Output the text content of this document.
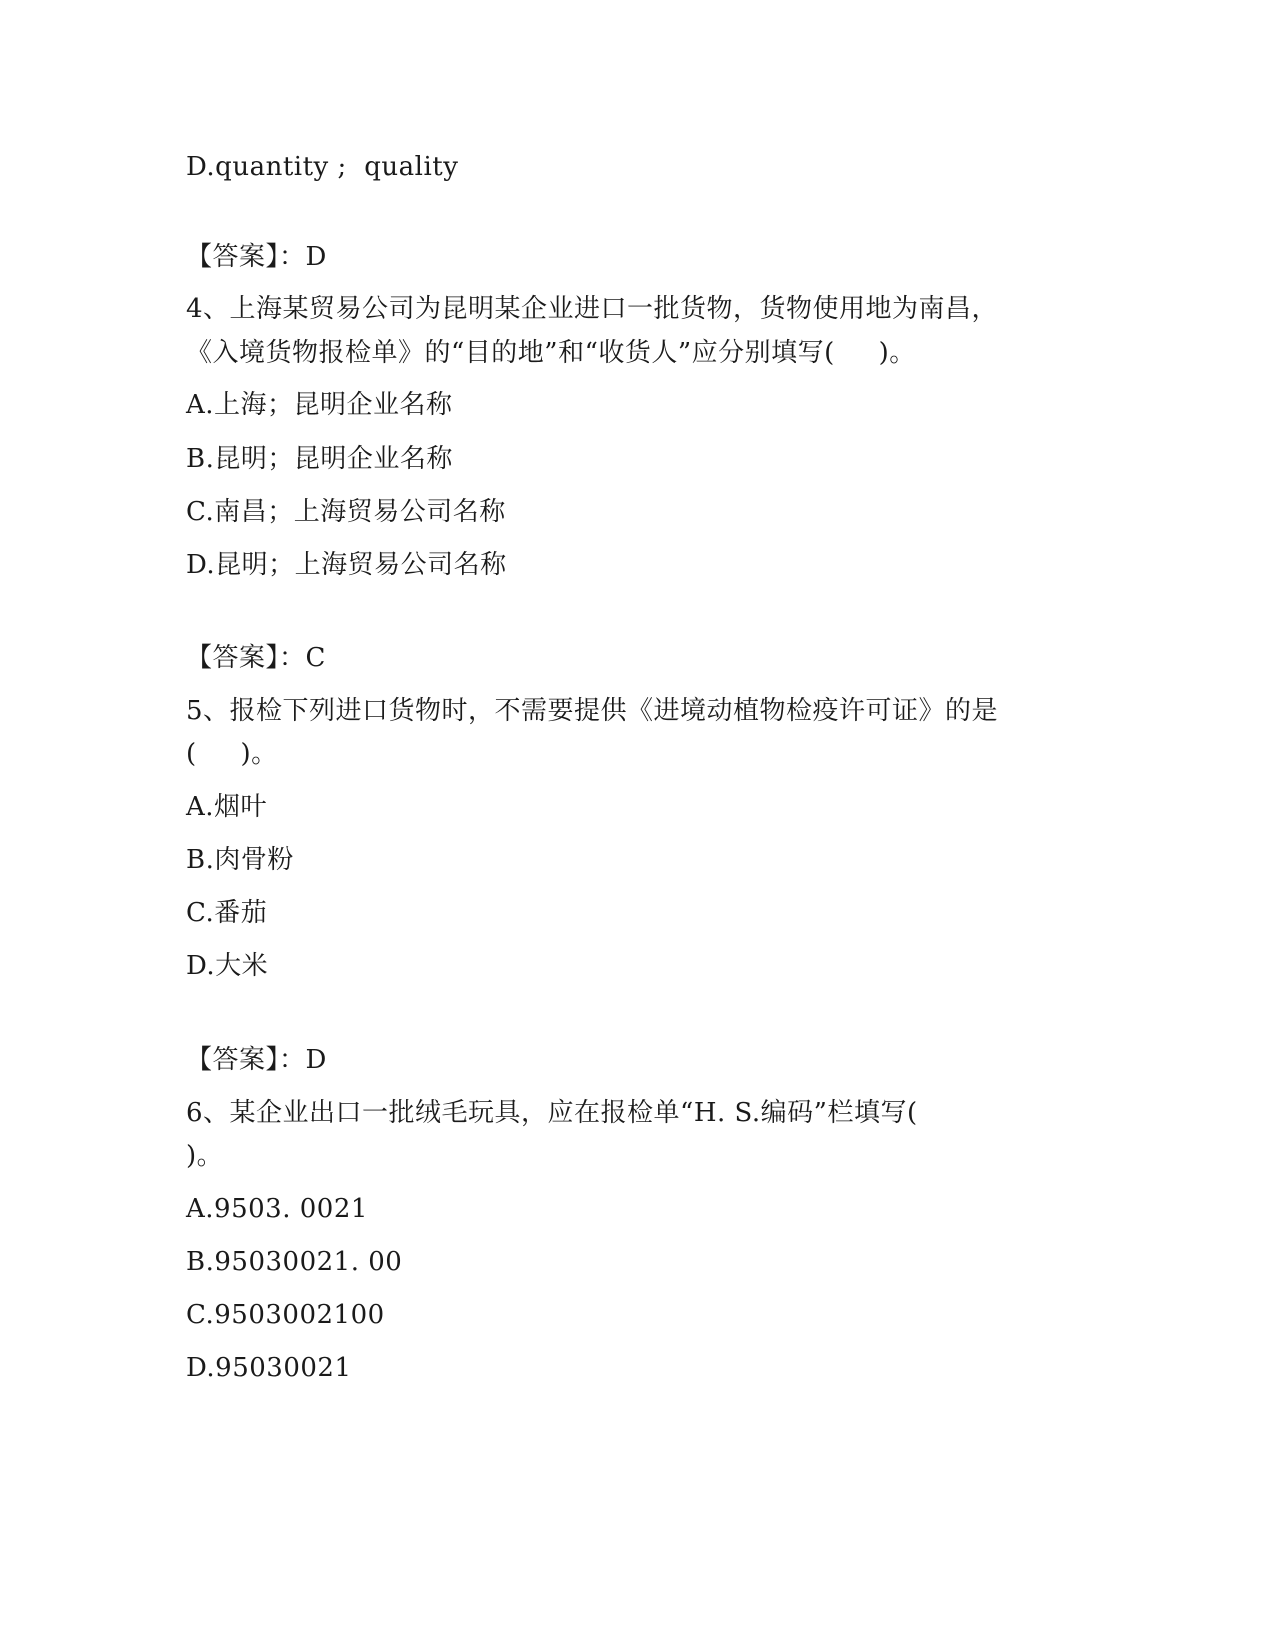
D.quantity ;  quality
【答案】：D
4、上海某贸易公司为昆明某企业进口一批货物，货物使用地为南昌，
《入境货物报检单》的“目的地”和“收货人”应分别填写(     )。
A.上海；昆明企业名称
B.昆明；昆明企业名称
C.南昌；上海贸易公司名称
D.昆明；上海贸易公司名称
【答案】：C
5、报检下列进口货物时，不需要提供《进境动植物检疫许可证》的是
(     )。
A.烟叶
B.肉骨粉
C.番茄
D.大米
【答案】：D
6、某企业出口一批绒毛玩具，应在报检单“H. S.编码”栏填写(
)。
A.9503. 0021
B.95030021. 00
C.9503002100
D.95030021
